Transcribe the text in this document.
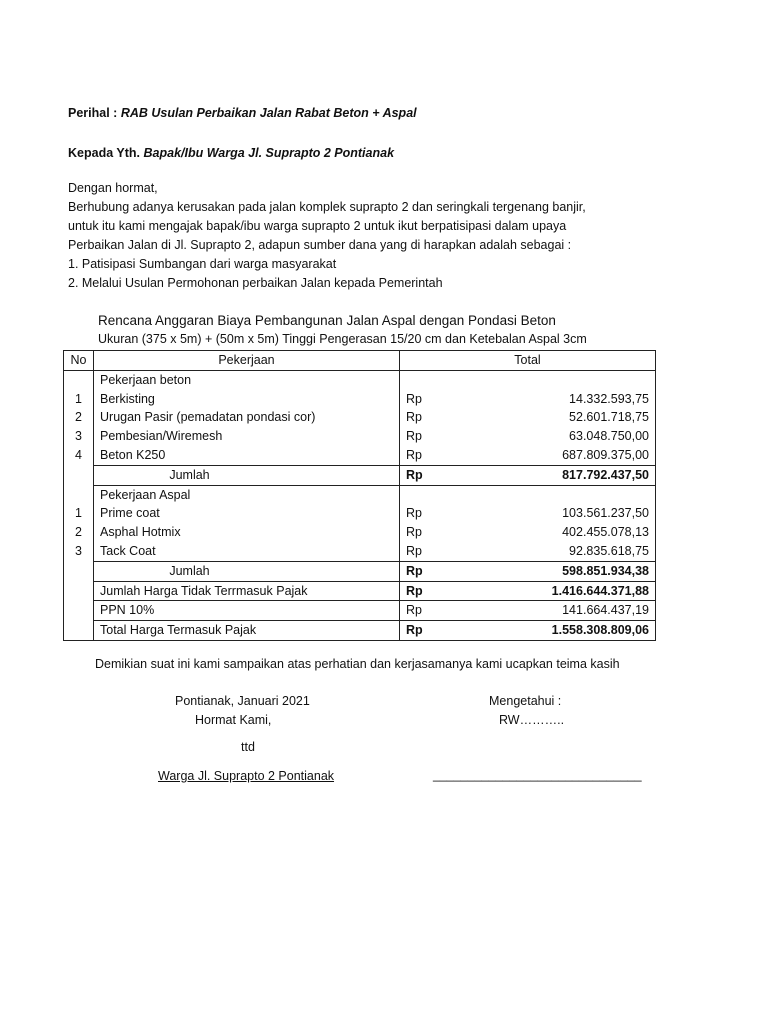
Perihal : RAB Usulan Perbaikan Jalan Rabat Beton + Aspal
Kepada Yth. Bapak/Ibu Warga Jl. Suprapto 2 Pontianak
Dengan hormat,
Berhubung adanya kerusakan pada jalan komplek suprapto 2 dan seringkali tergenang banjir,
untuk itu kami mengajak bapak/ibu warga suprapto 2 untuk ikut berpatisipasi dalam upaya
Perbaikan Jalan di Jl. Suprapto 2, adapun sumber dana yang di harapkan adalah sebagai :
1. Patisipasi Sumbangan dari warga masyarakat
2. Melalui Usulan Permohonan perbaikan Jalan kepada Pemerintah
Rencana Anggaran Biaya Pembangunan Jalan Aspal dengan Pondasi Beton
Ukuran (375 x 5m) + (50m x 5m) Tinggi Pengerasan 15/20 cm dan Ketebalan Aspal 3cm
No	Pekerjaan	Total	
	Pekerjaan beton		
1	Berkisting	Rp	14.332.593,75
2	Urugan Pasir (pemadatan pondasi cor)	Rp	52.601.718,75
3	Pembesian/Wiremesh	Rp	63.048.750,00
4	Beton K250	Rp	687.809.375,00
	Jumlah	Rp	817.792.437,50
	Pekerjaan Aspal		
1	Prime coat	Rp	103.561.237,50
2	Asphal Hotmix	Rp	402.455.078,13
3	Tack Coat	Rp	92.835.618,75
	Jumlah	Rp	598.851.934,38
	Jumlah Harga Tidak Terrmasuk Pajak	Rp	1.416.644.371,88
	PPN 10%	Rp	141.664.437,19
	Total Harga Termasuk Pajak	Rp	1.558.308.809,06
Demikian suat ini kami sampaikan atas perhatian dan kerjasamanya kami ucapkan teima kasih
Pontianak, Januari 2021
Hormat Kami,
ttd
Warga Jl. Suprapto 2 Pontianak
Mengetahui :
RW………..
______________________________
